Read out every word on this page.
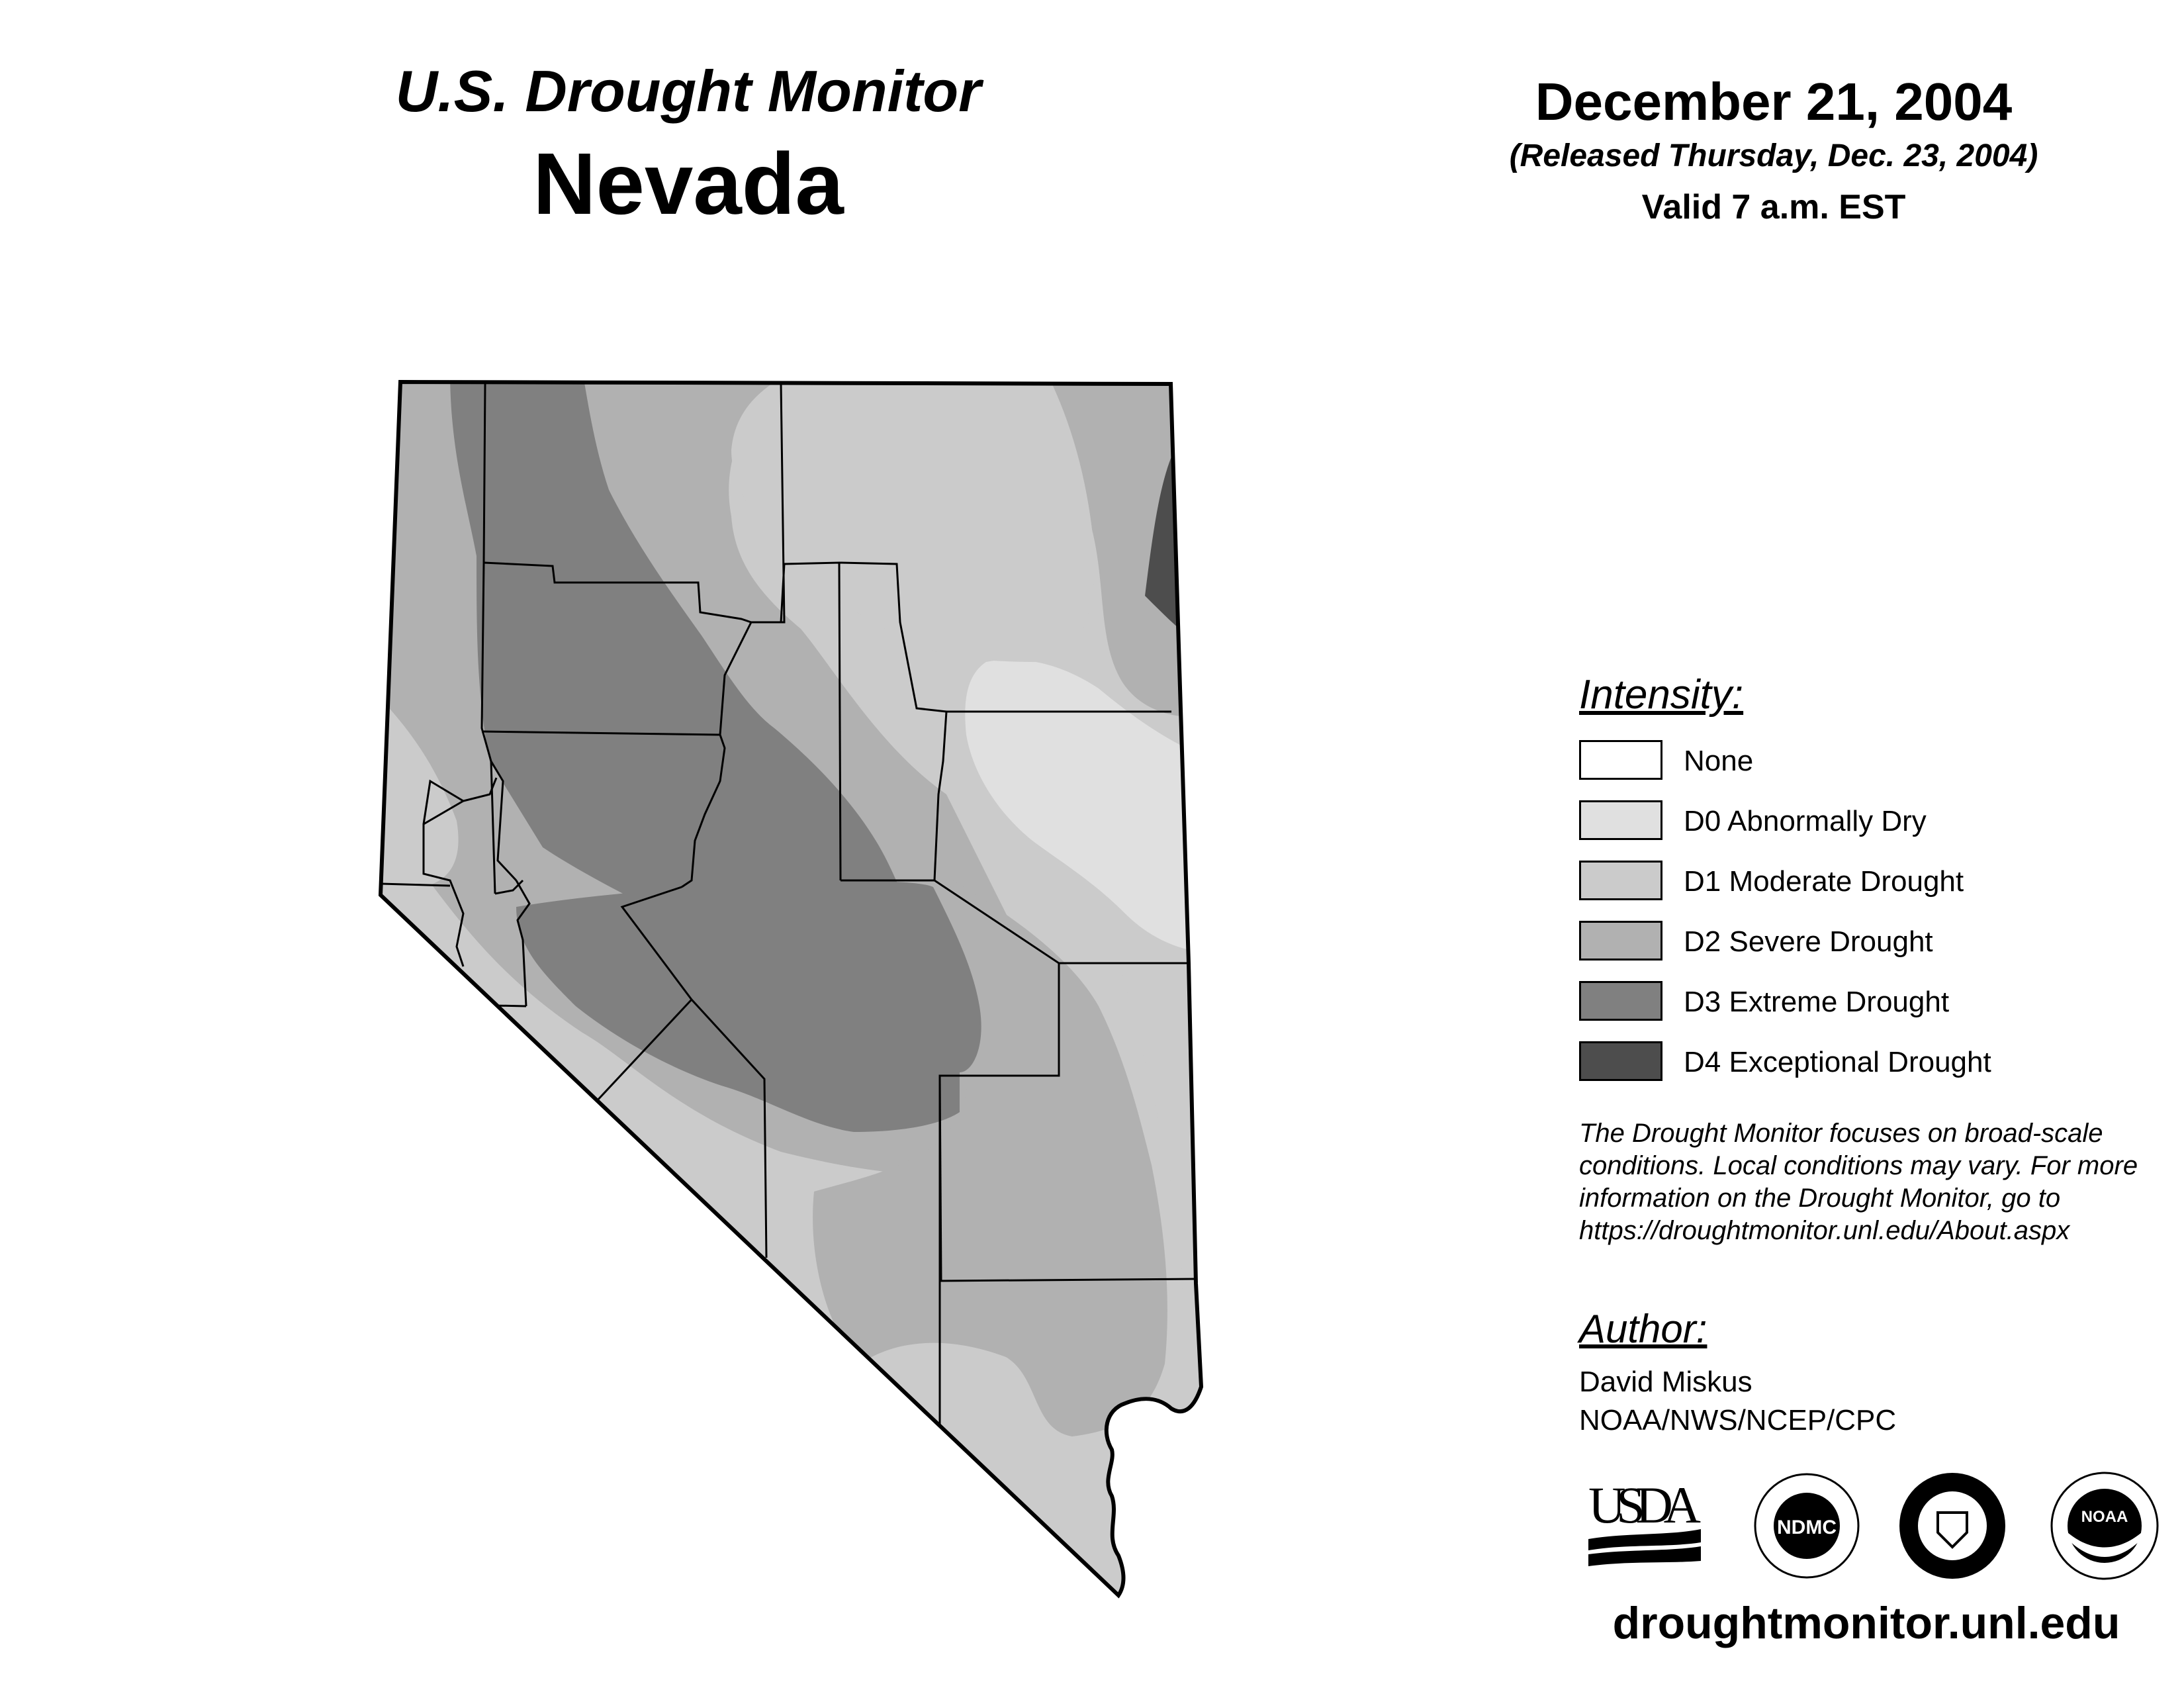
U.S. Drought Monitor
Nevada
December 21, 2004
(Released Thursday, Dec. 23, 2004)
Valid 7 a.m. EST
Intensity:
None
D0 Abnormally Dry
D1 Moderate Drought
D2 Severe Drought
D3 Extreme Drought
D4 Exceptional Drought
The Drought Monitor focuses on broad-scale conditions. Local conditions may vary. For more information on the Drought Monitor, go to https://droughtmonitor.unl.edu/About.aspx
Author:
David Miskus
NOAA/NWS/NCEP/CPC
USDA	NDMC	NOAA
droughtmonitor.unl.edu
